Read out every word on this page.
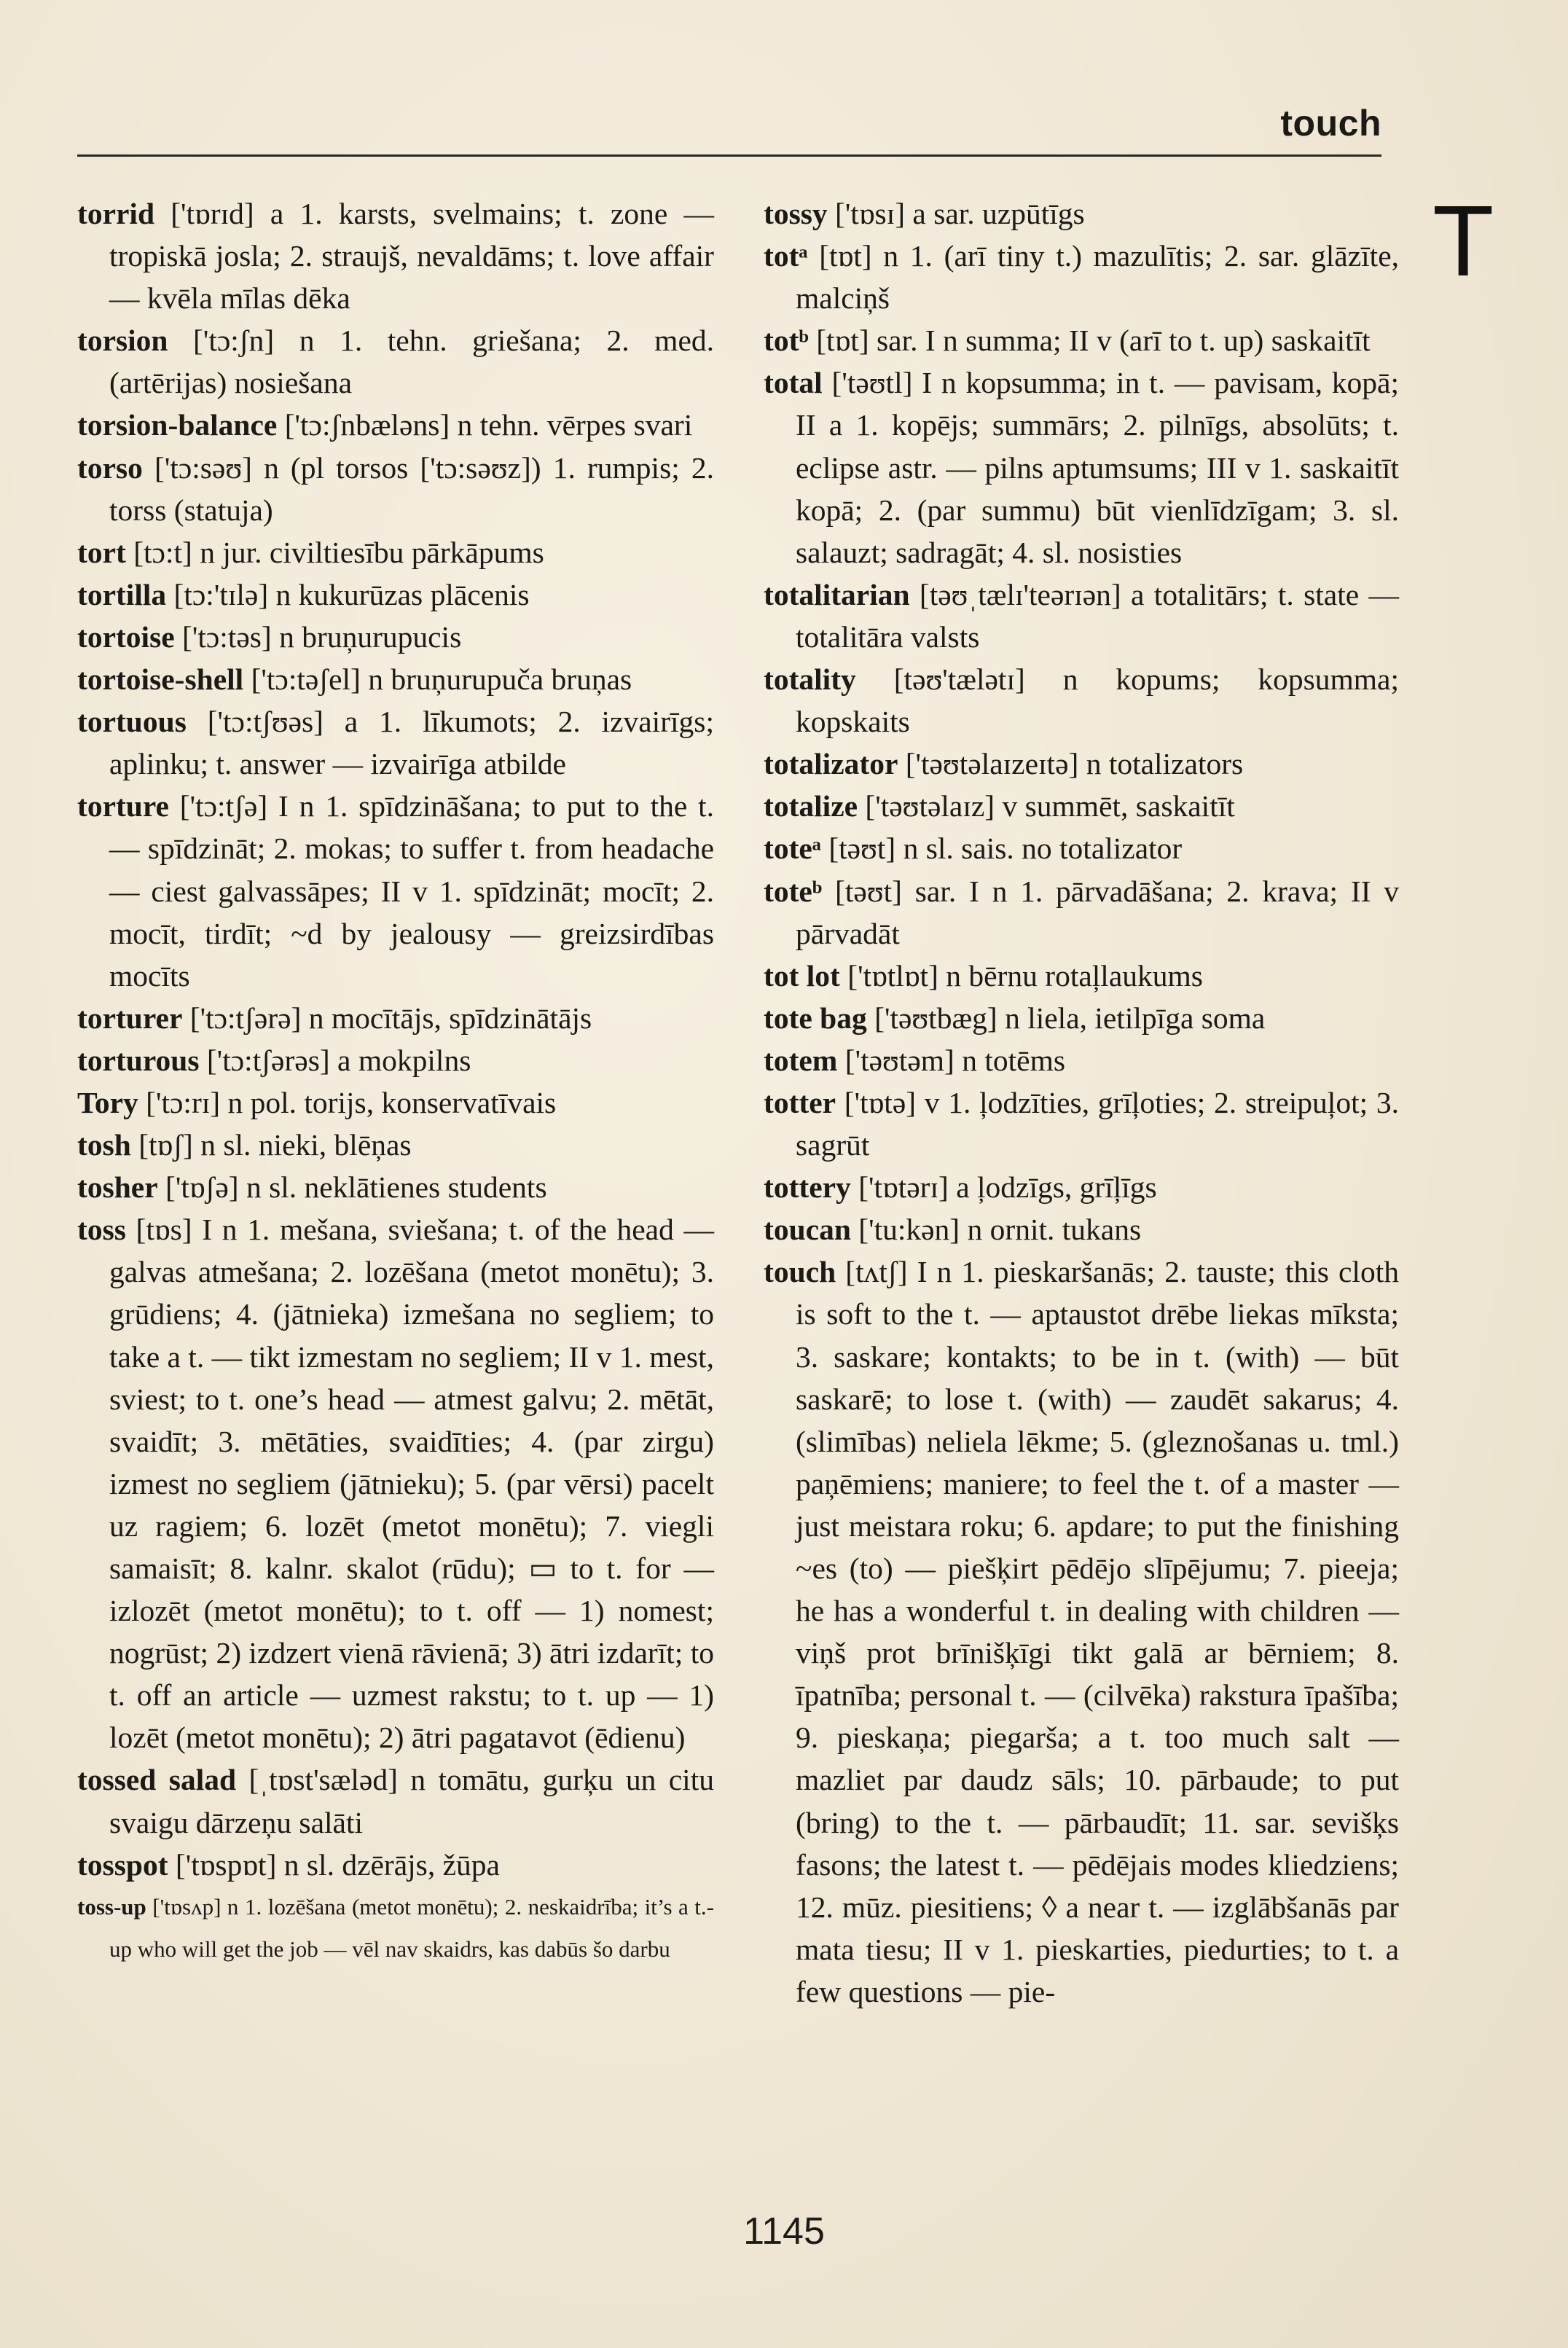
touch
T

torrid ['tɒrɪd] a 1. karsts, svelmains; t. zone — tropiskā josla; 2. straujš, nevaldāms; t. love affair — kvēla mīlas dēka

torsion ['tɔ:ʃn] n 1. tehn. griešana; 2. med. (artērijas) nosiešana

torsion-balance ['tɔ:ʃnbæləns] n tehn. vērpes svari

torso ['tɔ:səʊ] n (pl torsos ['tɔ:səʊz]) 1. rumpis; 2. torss (statuja)

tort [tɔ:t] n jur. civiltiesību pārkāpums

tortilla [tɔ:'tɪlə] n kukurūzas plācenis

tortoise ['tɔ:təs] n bruņurupucis

tortoise-shell ['tɔ:təʃel] n bruņurupuča bruņas

tortuous ['tɔ:tʃʊəs] a 1. līkumots; 2. izvairīgs; aplinku; t. answer — izvairīga atbilde

torture ['tɔ:tʃə] I n 1. spīdzināšana; to put to the t. — spīdzināt; 2. mokas; to suffer t. from headache — ciest galvassāpes; II v 1. spīdzināt; mocīt; 2. mocīt, tirdīt; ~d by jealousy — greizsirdības mocīts

torturer ['tɔ:tʃərə] n mocītājs, spīdzinātājs

torturous ['tɔ:tʃərəs] a mokpilns

Tory ['tɔ:rɪ] n pol. torijs, konservatīvais

tosh [tɒʃ] n sl. nieki, blēņas

tosher ['tɒʃə] n sl. neklātienes students

toss [tɒs] I n 1. mešana, sviešana; t. of the head — galvas atmešana; 2. lozēšana (metot monētu); 3. grūdiens; 4. (jātnieka) izmešana no segliem; to take a t. — tikt izmestam no segliem; II v 1. mest, sviest; to t. one’s head — atmest galvu; 2. mētāt, svaidīt; 3. mētāties, svaidīties; 4. (par zirgu) izmest no segliem (jātnieku); 5. (par vērsi) pacelt uz ragiem; 6. lozēt (metot monētu); 7. viegli samaisīt; 8. kalnr. skalot (rūdu); ▭ to t. for — izlozēt (metot monētu); to t. off — 1) nomest; nogrūst; 2) izdzert vienā rāvienā; 3) ātri izdarīt; to t. off an article — uzmest rakstu; to t. up — 1) lozēt (metot monētu); 2) ātri pagatavot (ēdienu)

tossed salad [ˌtɒst'sæləd] n tomātu, gurķu un citu svaigu dārzeņu salāti

tosspot ['tɒspɒt] n sl. dzērājs, žūpa

toss-up ['tɒsʌp] n 1. lozēšana (metot monētu); 2. neskaidrība; it’s a t.-up who will get the job — vēl nav skaidrs, kas dabūs šo darbu

tossy ['tɒsɪ] a sar. uzpūtīgs

totᵃ [tɒt] n 1. (arī tiny t.) mazulītis; 2. sar. glāzīte, malciņš

totᵇ [tɒt] sar. I n summa; II v (arī to t. up) saskaitīt

total ['təʊtl] I n kopsumma; in t. — pavisam, kopā; II a 1. kopējs; summārs; 2. pilnīgs, absolūts; t. eclipse astr. — pilns aptumsums; III v 1. saskaitīt kopā; 2. (par summu) būt vienlīdzīgam; 3. sl. salauzt; sadragāt; 4. sl. nosisties

totalitarian [təʊˌtælɪ'teərɪən] a totalitārs; t. state — totalitāra valsts

totality [təʊ'tælətɪ] n kopums; kopsumma; kopskaits

totalizator ['təʊtəlaɪzeɪtə] n totalizators

totalize ['təʊtəlaɪz] v summēt, saskaitīt

toteᵃ [təʊt] n sl. sais. no totalizator

toteᵇ [təʊt] sar. I n 1. pārvadāšana; 2. krava; II v pārvadāt

tot lot ['tɒtlɒt] n bērnu rotaļlaukums

tote bag ['təʊtbæg] n liela, ietilpīga soma

totem ['təʊtəm] n totēms

totter ['tɒtə] v 1. ļodzīties, grīļoties; 2. streipuļot; 3. sagrūt

tottery ['tɒtərɪ] a ļodzīgs, grīļīgs

toucan ['tu:kən] n ornit. tukans

touch [tʌtʃ] I n 1. pieskaršanās; 2. tauste; this cloth is soft to the t. — aptaustot drēbe liekas mīksta; 3. saskare; kontakts; to be in t. (with) — būt saskarē; to lose t. (with) — zaudēt sakarus; 4. (slimības) neliela lēkme; 5. (gleznošanas u. tml.) paņēmiens; maniere; to feel the t. of a master — just meistara roku; 6. apdare; to put the finishing ~es (to) — piešķirt pēdējo slīpējumu; 7. pieeja; he has a wonderful t. in dealing with children — viņš prot brīnišķīgi tikt galā ar bērniem; 8. īpatnība; personal t. — (cilvēka) rakstura īpašība; 9. pieskaņa; piegarša; a t. too much salt — mazliet par daudz sāls; 10. pārbaude; to put (bring) to the t. — pārbaudīt; 11. sar. sevišķs fasons; the latest t. — pēdējais modes kliedziens; 12. mūz. piesitiens; ◊ a near t. — izglābšanās par mata tiesu; II v 1. pieskarties, piedurties; to t. a few questions — pie-

1145
